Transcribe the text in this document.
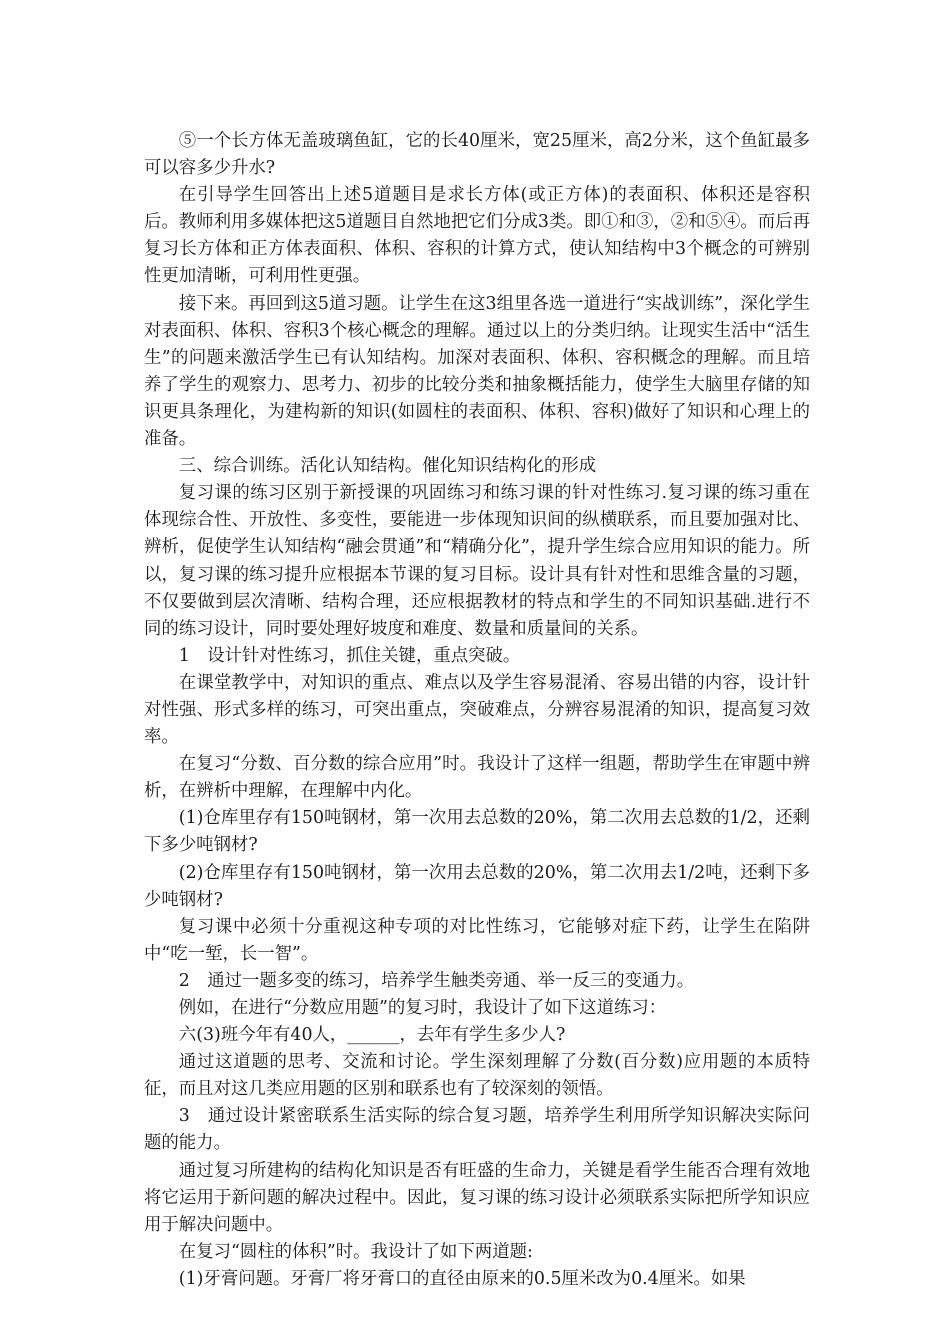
⑤一个长方体无盖玻璃鱼缸，它的长40厘米，宽25厘米，高2分米，这个鱼缸最多可以容多少升水?

在引导学生回答出上述5道题目是求长方体(或正方体)的表面积、体积还是容积后。教师利用多媒体把这5道题目自然地把它们分成3类。即①和③，②和⑤④。而后再复习长方体和正方体表面积、体积、容积的计算方式，使认知结构中3个概念的可辨别性更加清晰，可利用性更强。

接下来。再回到这5道习题。让学生在这3组里各选一道进行“实战训练”，深化学生对表面积、体积、容积3个核心概念的理解。通过以上的分类归纳。让现实生活中“活生生”的问题来激活学生已有认知结构。加深对表面积、体积、容积概念的理解。而且培养了学生的观察力、思考力、初步的比较分类和抽象概括能力，使学生大脑里存储的知识更具条理化，为建构新的知识(如圆柱的表面积、体积、容积)做好了知识和心理上的准备。

三、综合训练。活化认知结构。催化知识结构化的形成

复习课的练习区别于新授课的巩固练习和练习课的针对性练习.复习课的练习重在体现综合性、开放性、多变性，要能进一步体现知识间的纵横联系，而且要加强对比、辨析，促使学生认知结构“融会贯通”和“精确分化”，提升学生综合应用知识的能力。所以，复习课的练习提升应根据本节课的复习目标。设计具有针对性和思维含量的习题，不仅要做到层次清晰、结构合理，还应根据教材的特点和学生的不同知识基础.进行不同的练习设计，同时要处理好坡度和难度、数量和质量间的关系。

1　设计针对性练习，抓住关键，重点突破。

在课堂教学中，对知识的重点、难点以及学生容易混淆、容易出错的内容，设计针对性强、形式多样的练习，可突出重点，突破难点，分辨容易混淆的知识，提高复习效率。

在复习“分数、百分数的综合应用”时。我设计了这样一组题，帮助学生在审题中辨析，在辨析中理解，在理解中内化。

(1)仓库里存有150吨钢材，第一次用去总数的20%，第二次用去总数的1/2，还剩下多少吨钢材?

(2)仓库里存有150吨钢材，第一次用去总数的20%，第二次用去1/2吨，还剩下多少吨钢材?

复习课中必须十分重视这种专项的对比性练习，它能够对症下药，让学生在陷阱中“吃一堑，长一智”。

2　通过一题多变的练习，培养学生触类旁通、举一反三的变通力。

例如，在进行“分数应用题”的复习时，我设计了如下这道练习：

六(3)班今年有40人，______，去年有学生多少人?

通过这道题的思考、交流和讨论。学生深刻理解了分数(百分数)应用题的本质特征，而且对这几类应用题的区别和联系也有了较深刻的领悟。

3　通过设计紧密联系生活实际的综合复习题，培养学生利用所学知识解决实际问题的能力。

通过复习所建构的结构化知识是否有旺盛的生命力，关键是看学生能否合理有效地将它运用于新问题的解决过程中。因此，复习课的练习设计必须联系实际把所学知识应用于解决问题中。

在复习“圆柱的体积”时。我设计了如下两道题:

(1)牙膏问题。牙膏厂将牙膏口的直径由原来的0.5厘米改为0.4厘米。如果
